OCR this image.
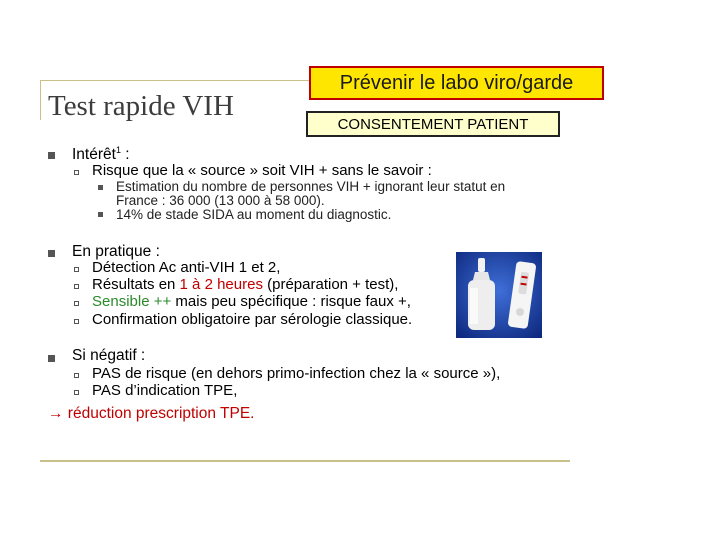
Test rapide VIH
Prévenir le labo viro/garde
CONSENTEMENT PATIENT
Intérêt$^1$ :
Risque que la « source » soit VIH + sans le savoir :
Estimation du nombre de personnes VIH + ignorant leur statut en
France : 36 000 (13 000 à 58 000).
14% de stade SIDA au moment du diagnostic.
En pratique :
Détection Ac anti-VIH 1 et 2,
Résultats en 1 à 2 heures (préparation + test),
Sensible ++ mais peu spécifique : risque faux +,
Confirmation obligatoire par sérologie classique.
Si négatif :
PAS de risque (en dehors primo-infection chez la « source »),
PAS d’indication TPE,
→ réduction prescription TPE.
